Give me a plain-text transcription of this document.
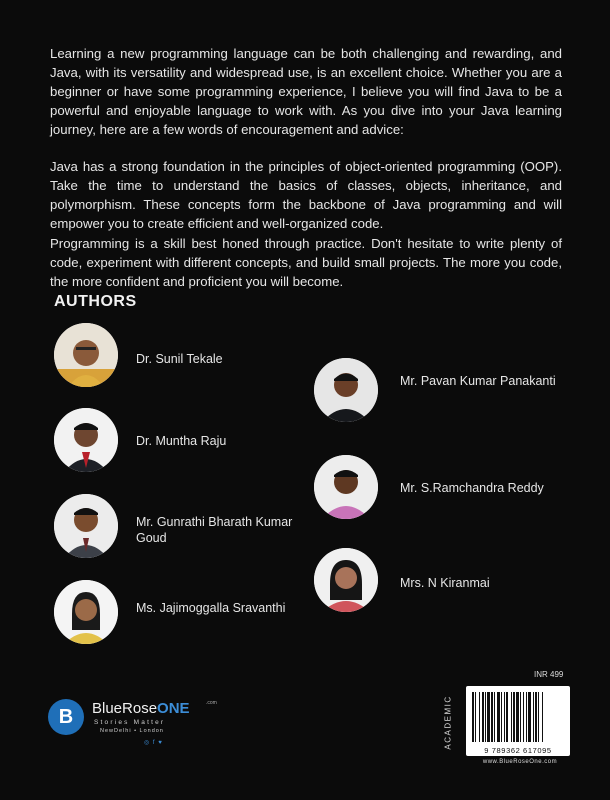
Learning a new programming language can be both challenging and rewarding, and Java, with its versatility and widespread use, is an excellent choice. Whether you are a beginner or have some programming experience, I believe you will find Java to be a powerful and enjoyable language to work with. As you dive into your Java learning journey, here are a few words of encouragement and advice:

Java has a strong foundation in the principles of object-oriented programming (OOP). Take the time to understand the basics of classes, objects, inheritance, and polymorphism. These concepts form the backbone of Java programming and will empower you to create efficient and well-organized code.

Programming is a skill best honed through practice. Don't hesitate to write plenty of code, experiment with different concepts, and build small projects. The more you code, the more confident and proficient you will become.

AUTHORS
Dr. Sunil Tekale
Dr. Muntha Raju
Mr. Gunrathi Bharath Kumar Goud
Ms. Jajimoggalla Sravanthi
Mr. Pavan Kumar Panakanti
Mr. S.Ramchandra Reddy
Mrs. N Kiranmai
B	BlueRoseONE	.com
Stories Matter
NewDelhi • London
◎ f ♥
INR 499
ACADEMIC
9 789362 617095
www.BlueRoseOne.com
